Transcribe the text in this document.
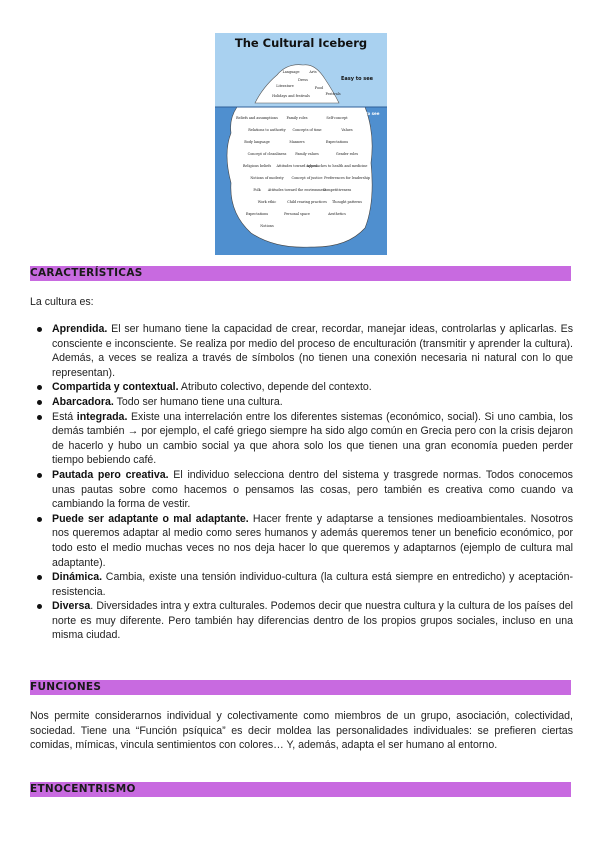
The Cultural Iceberg
Easy to see
Difficult to see
Language	Arts
Dress
Literature	Food
Festivals
Holidays and festivals
Beliefs and assumptions	Family roles	Self-concept
Relations to authority Concepts of time	Values
Body language	Manners	Expectations
Concept of cleanliness	Family values	Gender roles
Religious beliefs Attitudes toward school
Approaches to health and medicine
Notions of modesty Concept of justice Preferences for leadership
Folk Attitudes toward the environment
Competitiveness
Work ethic	Child rearing practices Thought patterns
Expectations	Personal space	Aesthetics
Notions
CARACTERÍSTICAS
La cultura es:
Aprendida. El ser humano tiene la capacidad de crear, recordar, manejar ideas, controlarlas y aplicarlas. Es consciente e inconsciente. Se realiza por medio del proceso de enculturación (transmitir y aprender la cultura). Además, a veces se realiza a través de símbolos (no tienen una conexión necesaria ni natural con lo que representan).
Compartida y contextual. Atributo colectivo, depende del contexto.
Abarcadora. Todo ser humano tiene una cultura.
Está integrada. Existe una interrelación entre los diferentes sistemas (económico, social). Si uno cambia, los demás también → por ejemplo, el café griego siempre ha sido algo común en Grecia pero con la crisis dejaron de hacerlo y hubo un cambio social ya que ahora solo los que tienen una gran economía pueden perder tiempo bebiendo café.
Pautada pero creativa. El individuo selecciona dentro del sistema y trasgrede normas. Todos conocemos unas pautas sobre como hacemos o pensamos las cosas, pero también es creativa como cuando va cambiando la forma de vestir.
Puede ser adaptante o mal adaptante. Hacer frente y adaptarse a tensiones medioambientales. Nosotros nos queremos adaptar al medio como seres humanos y además queremos tener un beneficio económico, por todo esto el medio muchas veces no nos deja hacer lo que queremos y adaptarnos (ejemplo de cultura mal adaptante).
Dinámica. Cambia, existe una tensión individuo-cultura (la cultura está siempre en entredicho) y aceptación-resistencia.
Diversa. Diversidades intra y extra culturales. Podemos decir que nuestra cultura y la cultura de los países del norte es muy diferente. Pero también hay diferencias dentro de los propios grupos sociales, incluso en una misma ciudad.
FUNCIONES
Nos permite considerarnos individual y colectivamente como miembros de un grupo, asociación, colectividad, sociedad. Tiene una “Función psíquica” es decir moldea las personalidades individuales: se prefieren ciertas comidas, mímicas, vincula sentimientos con colores… Y, además, adapta el ser humano al entorno.
ETNOCENTRISMO
